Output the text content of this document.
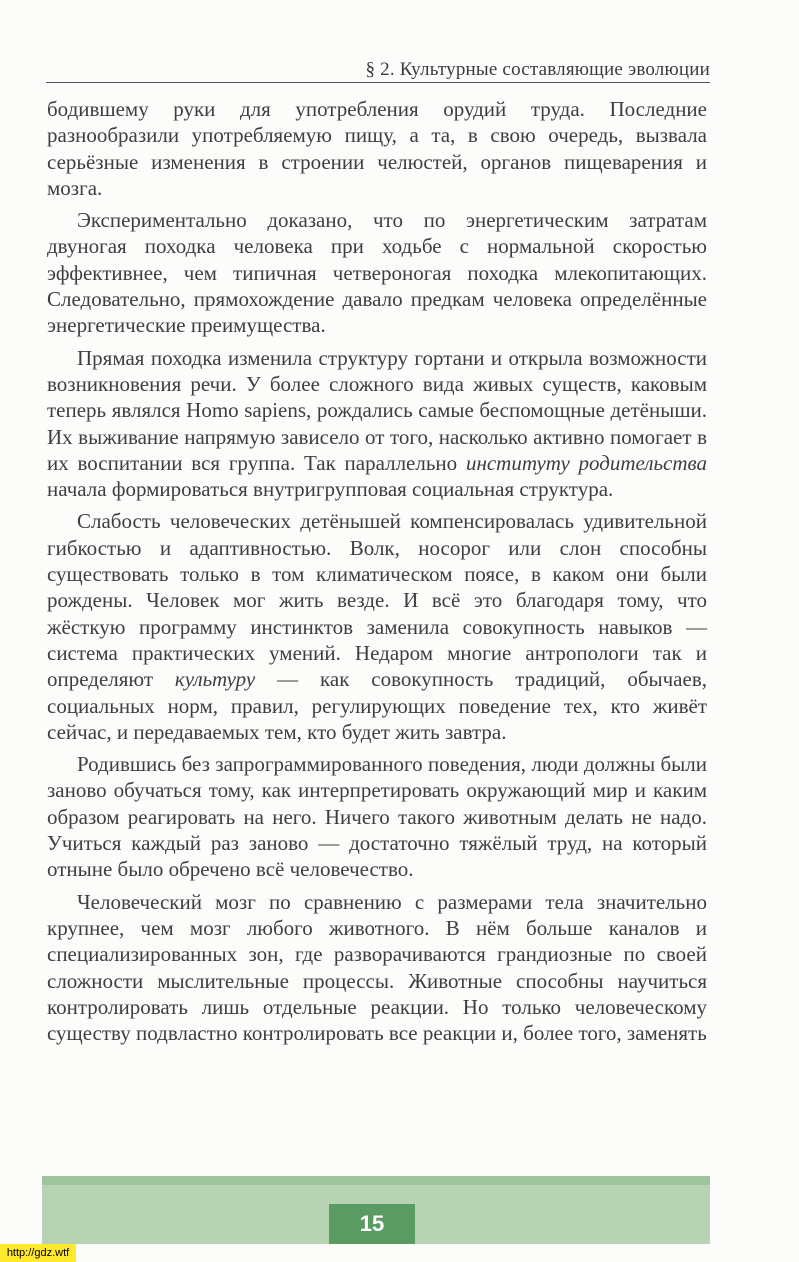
§ 2. Культурные составляющие эволюции

бодившему руки для употребления орудий труда. Последние разнообразили употребляемую пищу, а та, в свою очередь, вызвала серьёзные изменения в строении челюстей, органов пищеварения и мозга.

Экспериментально доказано, что по энергетическим затратам двуногая походка человека при ходьбе с нормальной скоростью эффективнее, чем типичная четвероногая походка млекопитающих. Следовательно, прямохождение давало предкам человека определённые энергетические преимущества.

Прямая походка изменила структуру гортани и открыла возможности возникновения речи. У более сложного вида живых существ, каковым теперь являлся Homo sapiens, рождались самые беспомощные детёныши. Их выживание напрямую зависело от того, насколько активно помогает в их воспитании вся группа. Так параллельно институту родительства начала формироваться внутригрупповая социальная структура.

Слабость человеческих детёнышей компенсировалась удивительной гибкостью и адаптивностью. Волк, носорог или слон способны существовать только в том климатическом поясе, в каком они были рождены. Человек мог жить везде. И всё это благодаря тому, что жёсткую программу инстинктов заменила совокупность навыков — система практических умений. Недаром многие антропологи так и определяют культуру — как совокупность традиций, обычаев, социальных норм, правил, регулирующих поведение тех, кто живёт сейчас, и передаваемых тем, кто будет жить завтра.

Родившись без запрограммированного поведения, люди должны были заново обучаться тому, как интерпретировать окружающий мир и каким образом реагировать на него. Ничего такого животным делать не надо. Учиться каждый раз заново — достаточно тяжёлый труд, на который отныне было обречено всё человечество.

Человеческий мозг по сравнению с размерами тела значительно крупнее, чем мозг любого животного. В нём больше каналов и специализированных зон, где разворачиваются грандиозные по своей сложности мыслительные процессы. Животные способны научиться контролировать лишь отдельные реакции. Но только человеческому существу подвластно контролировать все реакции и, более того, заменять

15
http://gdz.wtf
